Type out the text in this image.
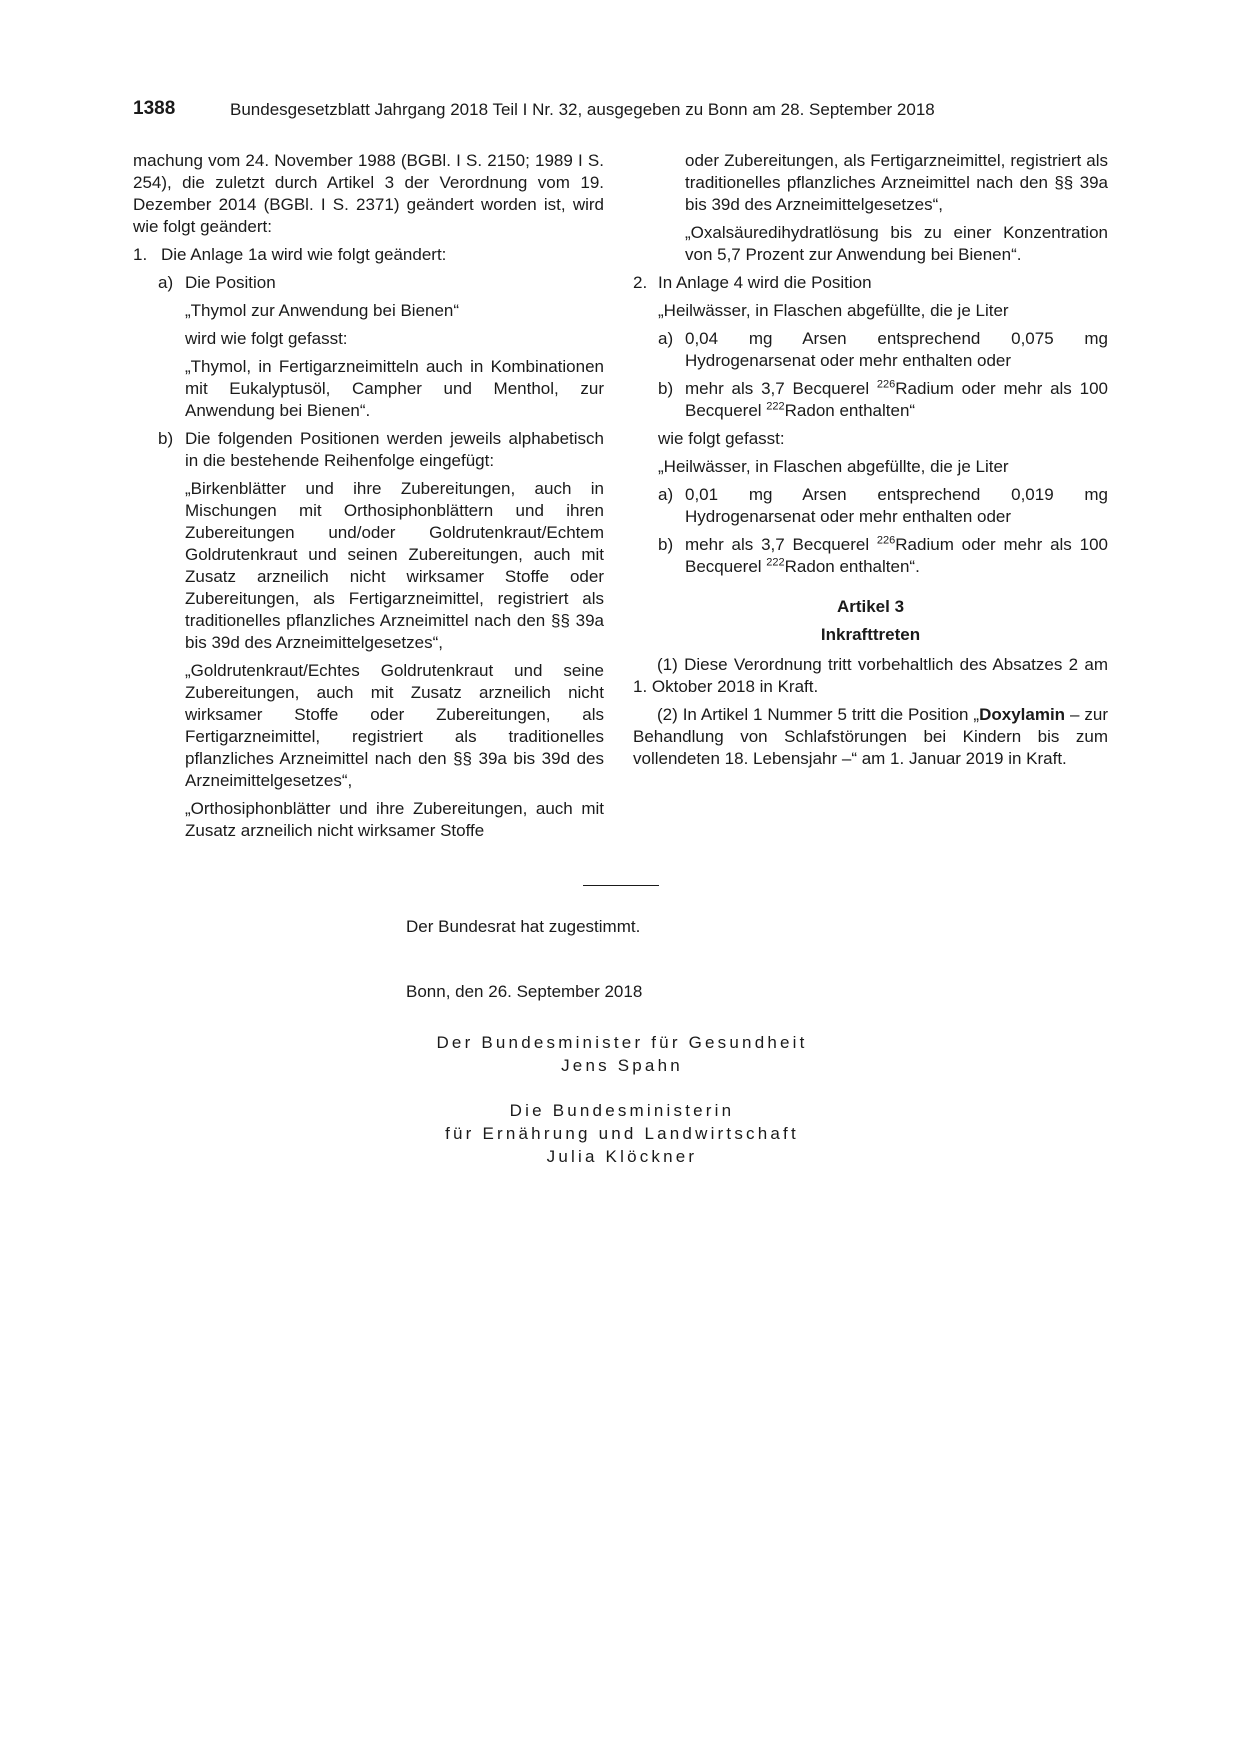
1388	Bundesgesetzblatt Jahrgang 2018 Teil I Nr. 32, ausgegeben zu Bonn am 28. September 2018

machung vom 24. November 1988 (BGBl. I S. 2150; 1989 I S. 254), die zuletzt durch Artikel 3 der Verordnung vom 19. Dezember 2014 (BGBl. I S. 2371) geändert worden ist, wird wie folgt geändert:

1. Die Anlage 1a wird wie folgt geändert:
a) Die Position

„Thymol zur Anwendung bei Bienen“

wird wie folgt gefasst:

„Thymol, in Fertigarzneimitteln auch in Kombinationen mit Eukalyptusöl, Campher und Menthol, zur Anwendung bei Bienen“.

b) Die folgenden Positionen werden jeweils alphabetisch in die bestehende Reihenfolge eingefügt:

„Birkenblätter und ihre Zubereitungen, auch in Mischungen mit Orthosiphonblättern und ihren Zubereitungen und/oder Goldrutenkraut/Echtem Goldrutenkraut und seinen Zubereitungen, auch mit Zusatz arzneilich nicht wirksamer Stoffe oder Zubereitungen, als Fertigarzneimittel, registriert als traditionelles pflanzliches Arzneimittel nach den §§ 39a bis 39d des Arzneimittelgesetzes“,

„Goldrutenkraut/Echtes Goldrutenkraut und seine Zubereitungen, auch mit Zusatz arzneilich nicht wirksamer Stoffe oder Zubereitungen, als Fertigarzneimittel, registriert als traditionelles pflanzliches Arzneimittel nach den §§ 39a bis 39d des Arzneimittelgesetzes“,

„Orthosiphonblätter und ihre Zubereitungen, auch mit Zusatz arzneilich nicht wirksamer Stoffe

oder Zubereitungen, als Fertigarzneimittel, registriert als traditionelles pflanzliches Arzneimittel nach den §§ 39a bis 39d des Arzneimittelgesetzes“,

„Oxalsäuredihydratlösung bis zu einer Konzentration von 5,7 Prozent zur Anwendung bei Bienen“.

2. In Anlage 4 wird die Position

„Heilwässer, in Flaschen abgefüllte, die je Liter

a) 0,04 mg Arsen entsprechend 0,075 mg Hydrogenarsenat oder mehr enthalten oder
b) mehr als 3,7 Becquerel $^{226}$Radium oder mehr als 100 Becquerel $^{222}$Radon enthalten“

wie folgt gefasst:

„Heilwässer, in Flaschen abgefüllte, die je Liter

a) 0,01 mg Arsen entsprechend 0,019 mg Hydrogenarsenat oder mehr enthalten oder
b) mehr als 3,7 Becquerel $^{226}$Radium oder mehr als 100 Becquerel $^{222}$Radon enthalten“.
Artikel 3
Inkrafttreten

(1) Diese Verordnung tritt vorbehaltlich des Absatzes 2 am 1. Oktober 2018 in Kraft.

(2) In Artikel 1 Nummer 5 tritt die Position „Doxylamin – zur Behandlung von Schlafstörungen bei Kindern bis zum vollendeten 18. Lebensjahr –“ am 1. Januar 2019 in Kraft.

Der Bundesrat hat zugestimmt.
Bonn, den 26. September 2018
Der Bundesminister für Gesundheit
Jens Spahn
Die Bundesministerin
für Ernährung und Landwirtschaft
Julia Klöckner
